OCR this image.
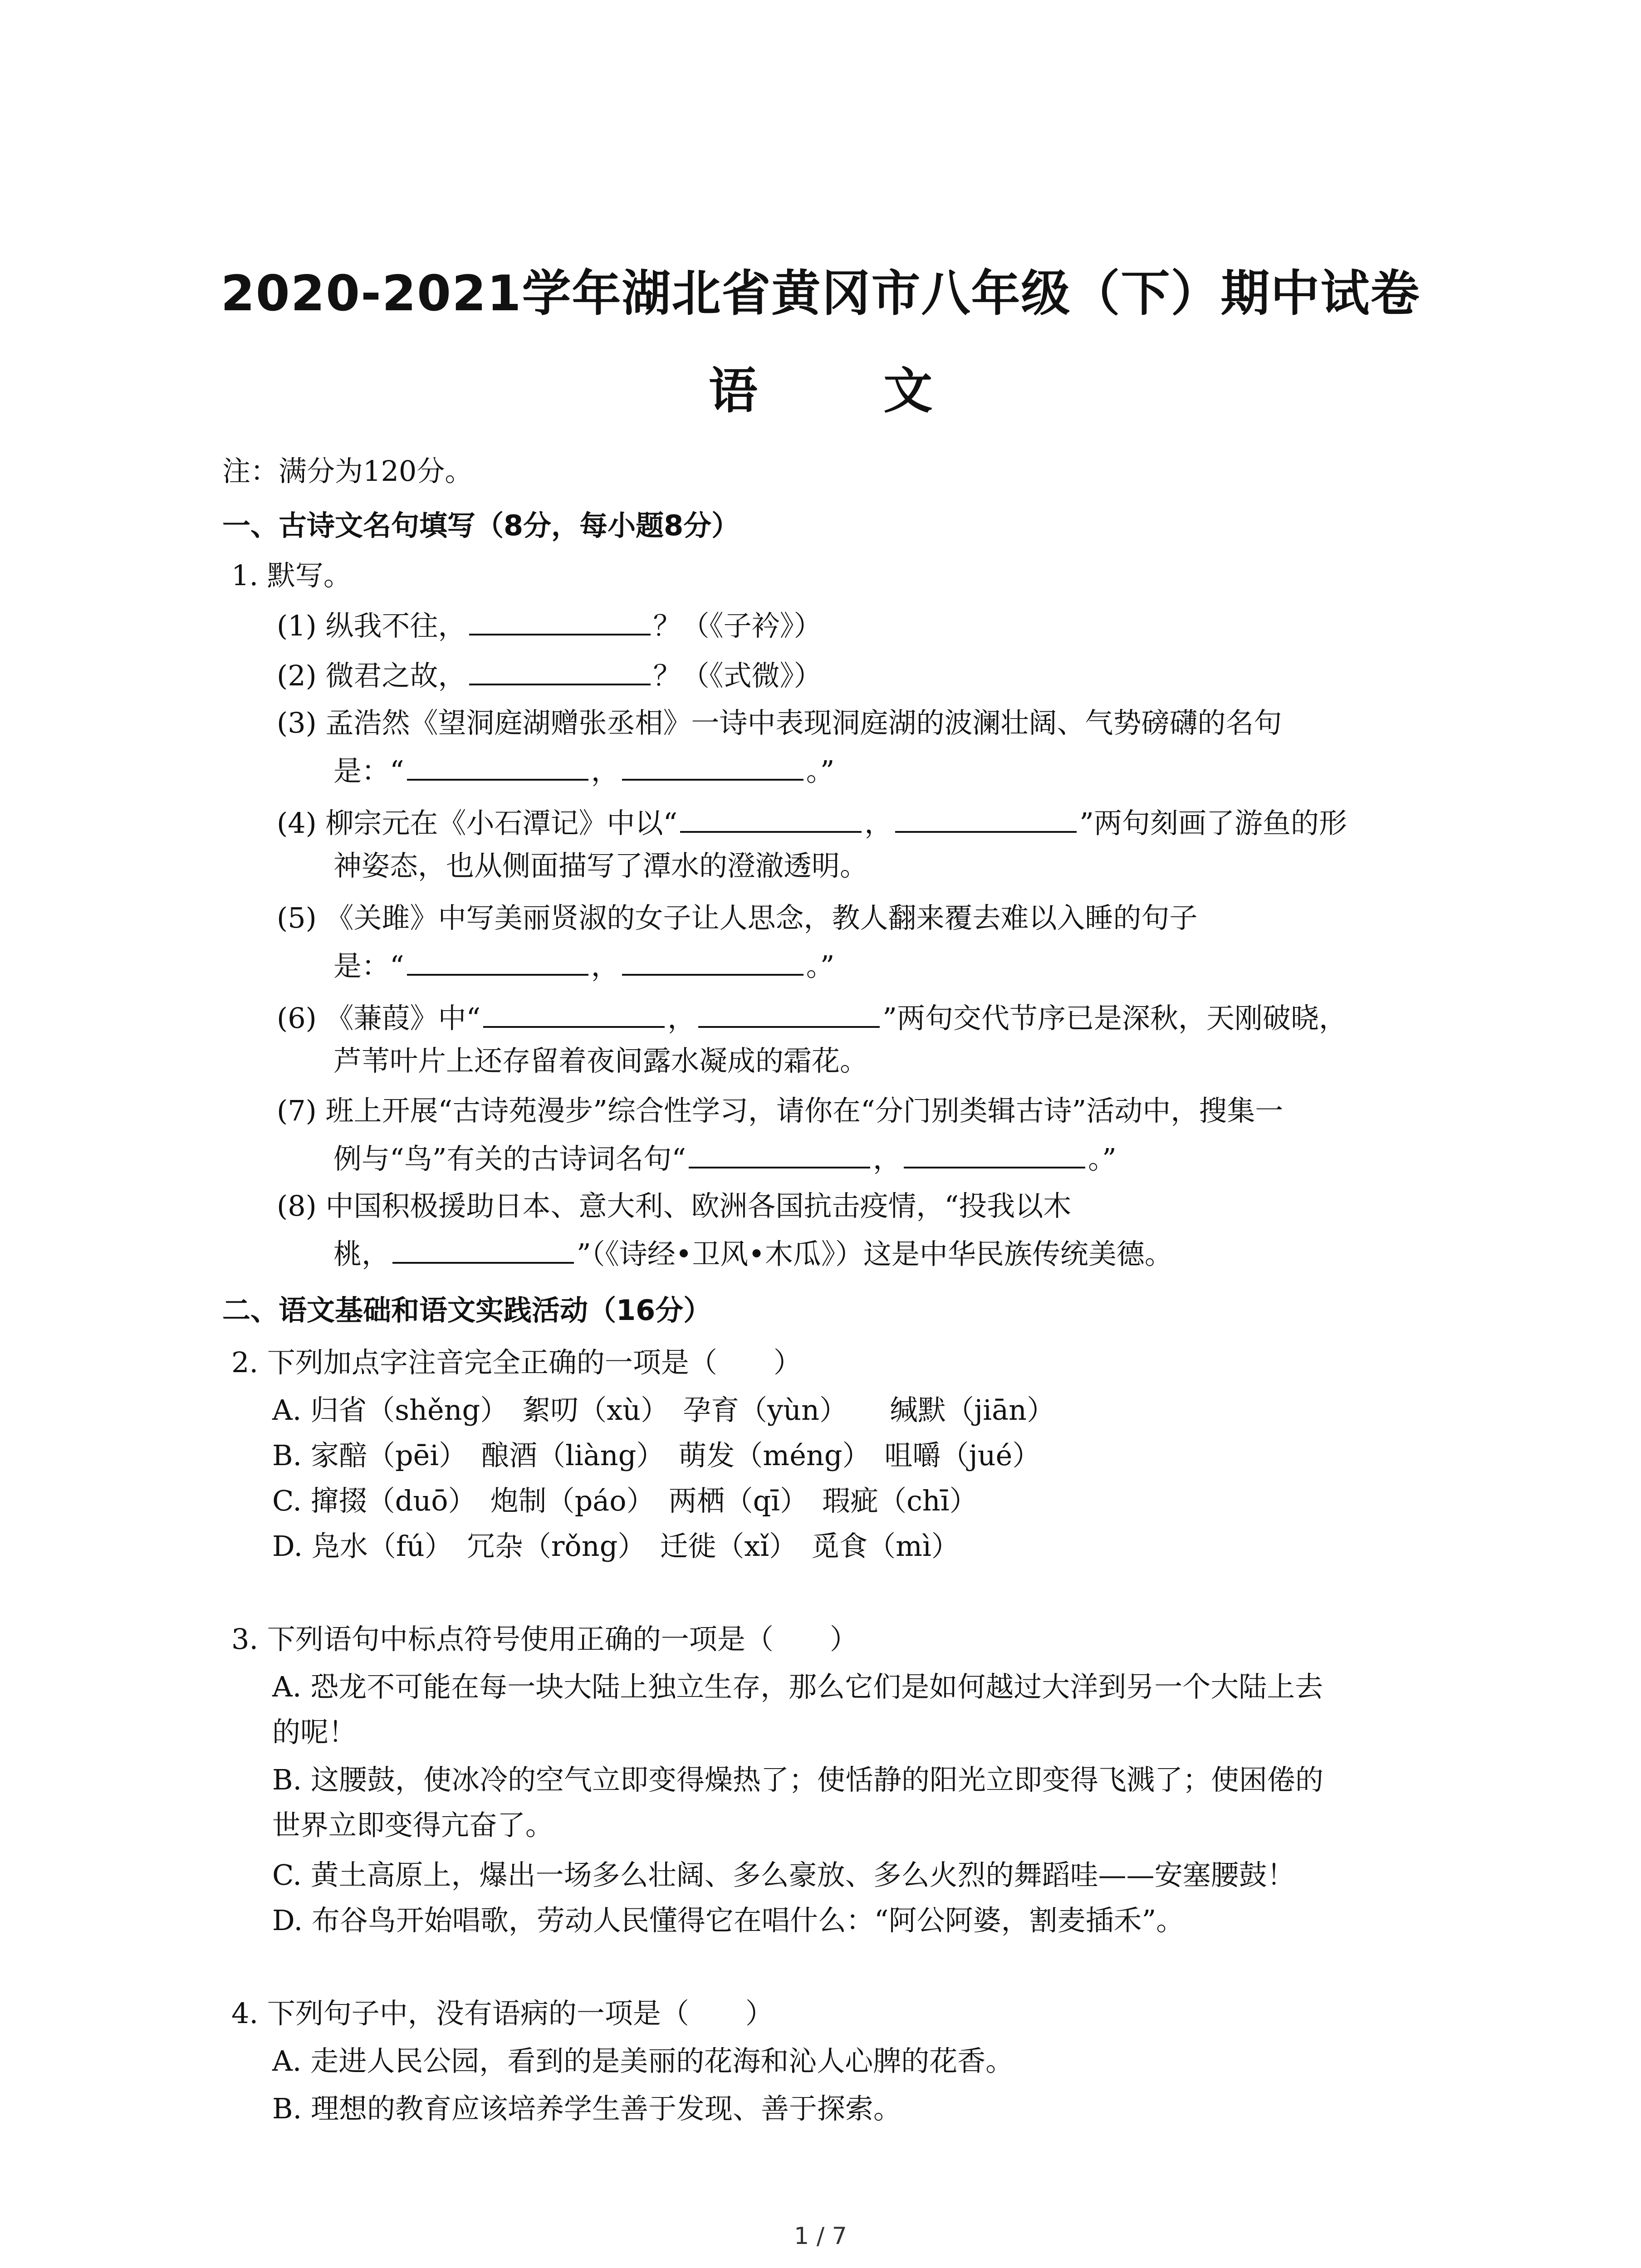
2020-2021学年湖北省黄冈市八年级（下）期中试卷
语 文
注：满分为120分。
一、古诗文名句填写（8分，每小题8分）
1. 默写。
(1) 纵我不往，	？（《子衿》）
(2) 微君之故，	？（《式微》）
(3) 孟浩然《望洞庭湖赠张丞相》一诗中表现洞庭湖的波澜壮阔、气势磅礴的名句
是：“	，	。”
(4) 柳宗元在《小石潭记》中以“	，	”两句刻画了游鱼的形
神姿态，也从侧面描写了潭水的澄澈透明。
(5) 《关雎》中写美丽贤淑的女子让人思念，教人翻来覆去难以入睡的句子
是：“	，	。”
(6) 《蒹葭》中“	，	”两句交代节序已是深秋，天刚破晓，
芦苇叶片上还存留着夜间露水凝成的霜花。
(7) 班上开展“古诗苑漫步”综合性学习，请你在“分门别类辑古诗”活动中，搜集一
例与“鸟”有关的古诗词名句“	，	。”
(8) 中国积极援助日本、意大利、欧洲各国抗击疫情，“投我以木
桃，	”（《诗经•卫风•木瓜》）这是中华民族传统美德。
二、语文基础和语文实践活动（16分）
2. 下列加点字注音完全正确的一项是（　　）
A. 归省（shěng）　絮叨（xù）　孕育（yùn）　　缄默（jiān）
B. 家醅（pēi）　酿酒（liàng）　萌发（méng）　咀嚼（jué）
C. 撺掇（duō）　炮制（páo）　两栖（qī）　瑕疵（chī）
D. 凫水（fú）　冗杂（rǒng）　迁徙（xǐ）　觅食（mì）
3. 下列语句中标点符号使用正确的一项是（　　）
A. 恐龙不可能在每一块大陆上独立生存，那么它们是如何越过大洋到另一个大陆上去
的呢！
B. 这腰鼓，使冰冷的空气立即变得燥热了；使恬静的阳光立即变得飞溅了；使困倦的
世界立即变得亢奋了。
C. 黄土高原上，爆出一场多么壮阔、多么豪放、多么火烈的舞蹈哇——安塞腰鼓！
D. 布谷鸟开始唱歌，劳动人民懂得它在唱什么：“阿公阿婆，割麦插禾”。
4. 下列句子中，没有语病的一项是（　　）
A. 走进人民公园，看到的是美丽的花海和沁人心脾的花香。
B. 理想的教育应该培养学生善于发现、善于探索。
1 / 7
